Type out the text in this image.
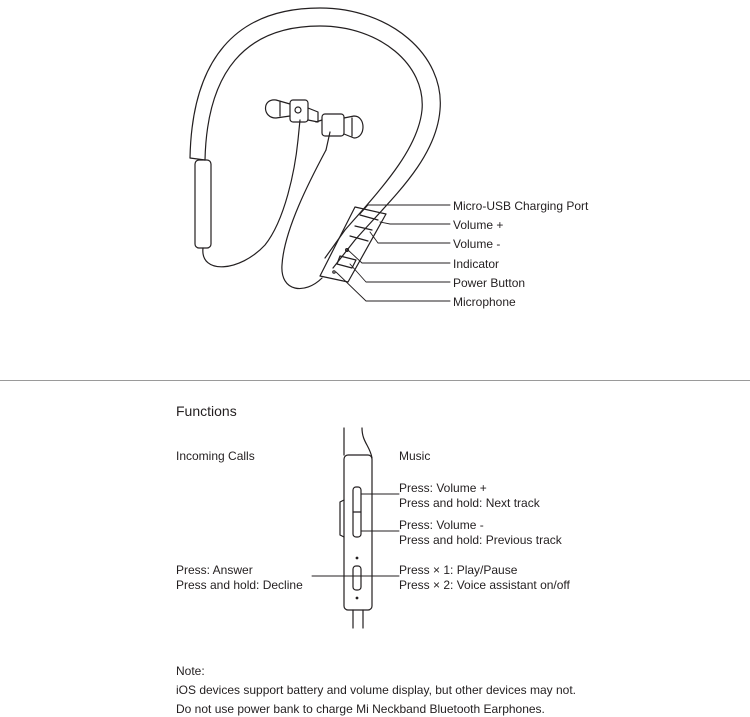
Micro-USB Charging Port
Volume +
Volume -
Indicator
Power Button
Microphone
Functions
Incoming Calls	Music
Press: Volume +
Press and hold: Next track
Press: Volume -
Press and hold: Previous track
Press: Answer
Press and hold: Decline
Press × 1: Play/Pause
Press × 2: Voice assistant on/off
Note:
iOS devices support battery and volume display, but other devices may not.
Do not use power bank to charge Mi Neckband Bluetooth Earphones.
